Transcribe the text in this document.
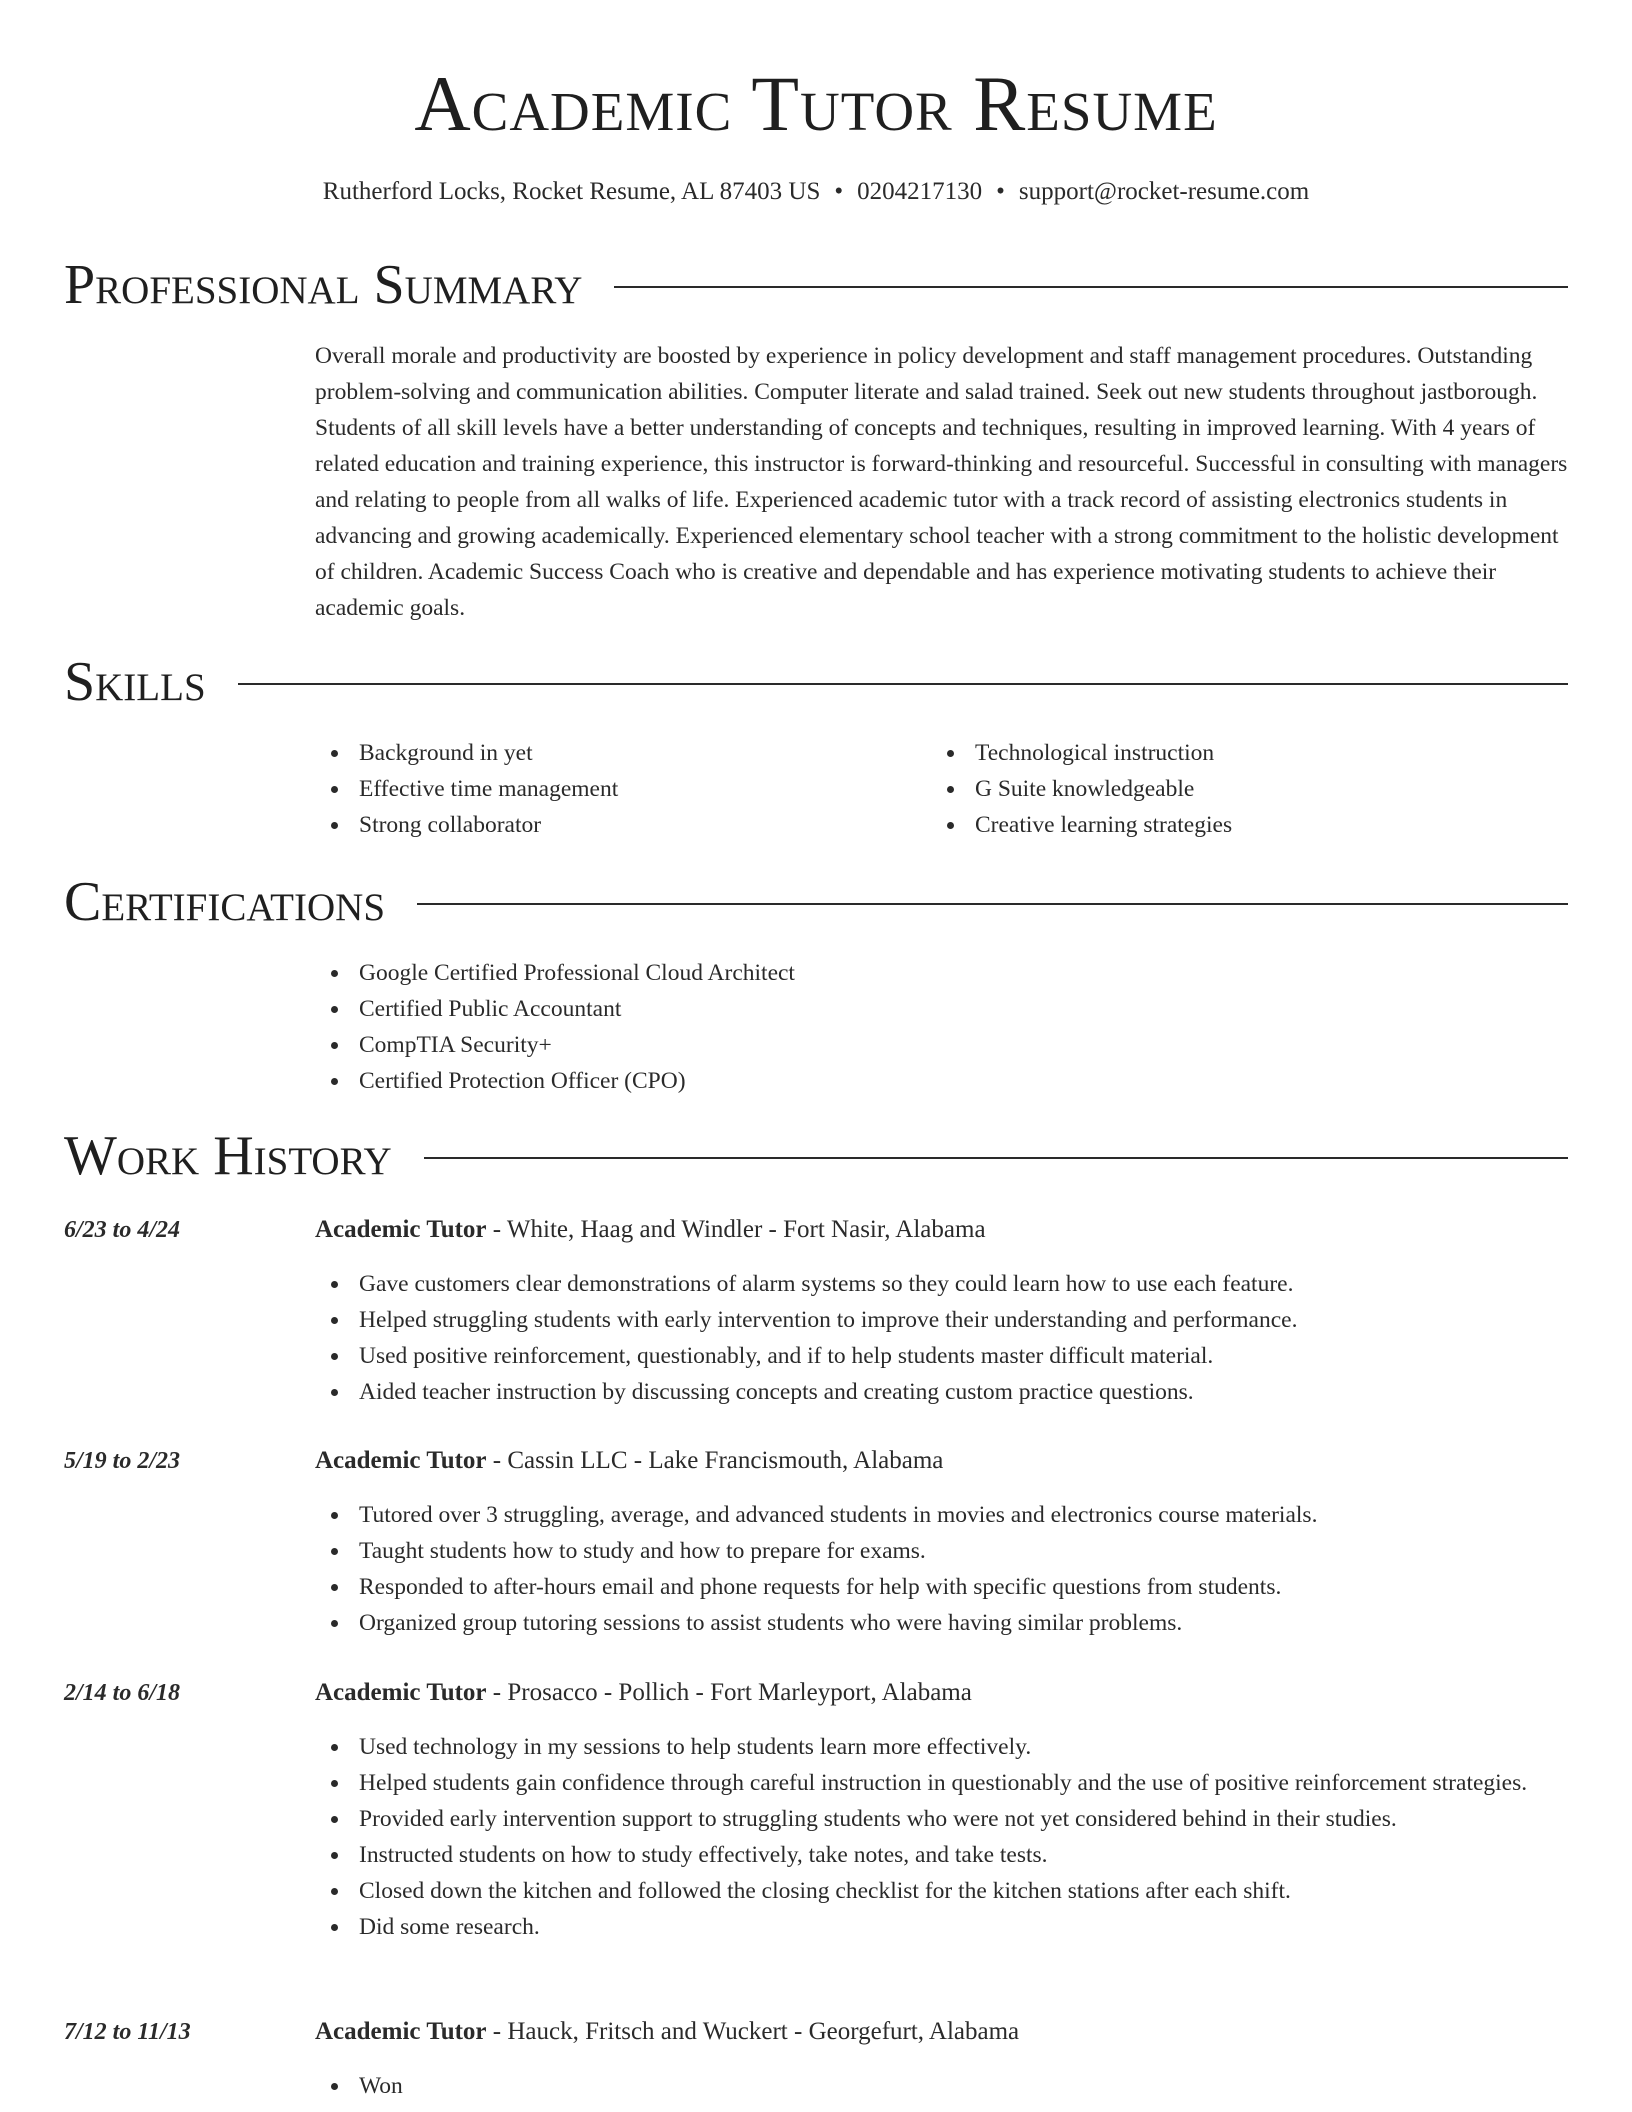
Academic Tutor Resume
Rutherford Locks, Rocket Resume, AL 87403 US • 0204217130 • support@rocket-resume.com
Professional Summary
Overall morale and productivity are boosted by experience in policy development and staff management procedures. Outstanding problem-solving and communication abilities. Computer literate and salad trained. Seek out new students throughout jastborough. Students of all skill levels have a better understanding of concepts and techniques, resulting in improved learning. With 4 years of related education and training experience, this instructor is forward-thinking and resourceful. Successful in consulting with managers and relating to people from all walks of life. Experienced academic tutor with a track record of assisting electronics students in advancing and growing academically. Experienced elementary school teacher with a strong commitment to the holistic development of children. Academic Success Coach who is creative and dependable and has experience motivating students to achieve their academic goals.
Skills
Background in yet
Effective time management
Strong collaborator
Technological instruction
G Suite knowledgeable
Creative learning strategies
Certifications
Google Certified Professional Cloud Architect
Certified Public Accountant
CompTIA Security+
Certified Protection Officer (CPO)
Work History
6/23 to 4/24	Academic Tutor - White, Haag and Windler - Fort Nasir, Alabama
Gave customers clear demonstrations of alarm systems so they could learn how to use each feature.
Helped struggling students with early intervention to improve their understanding and performance.
Used positive reinforcement, questionably, and if to help students master difficult material.
Aided teacher instruction by discussing concepts and creating custom practice questions.
5/19 to 2/23	Academic Tutor - Cassin LLC - Lake Francismouth, Alabama
Tutored over 3 struggling, average, and advanced students in movies and electronics course materials.
Taught students how to study and how to prepare for exams.
Responded to after-hours email and phone requests for help with specific questions from students.
Organized group tutoring sessions to assist students who were having similar problems.
2/14 to 6/18	Academic Tutor - Prosacco - Pollich - Fort Marleyport, Alabama
Used technology in my sessions to help students learn more effectively.
Helped students gain confidence through careful instruction in questionably and the use of positive reinforcement strategies.
Provided early intervention support to struggling students who were not yet considered behind in their studies.
Instructed students on how to study effectively, take notes, and take tests.
Closed down the kitchen and followed the closing checklist for the kitchen stations after each shift.
Did some research.
7/12 to 11/13	Academic Tutor - Hauck, Fritsch and Wuckert - Georgefurt, Alabama
Won
